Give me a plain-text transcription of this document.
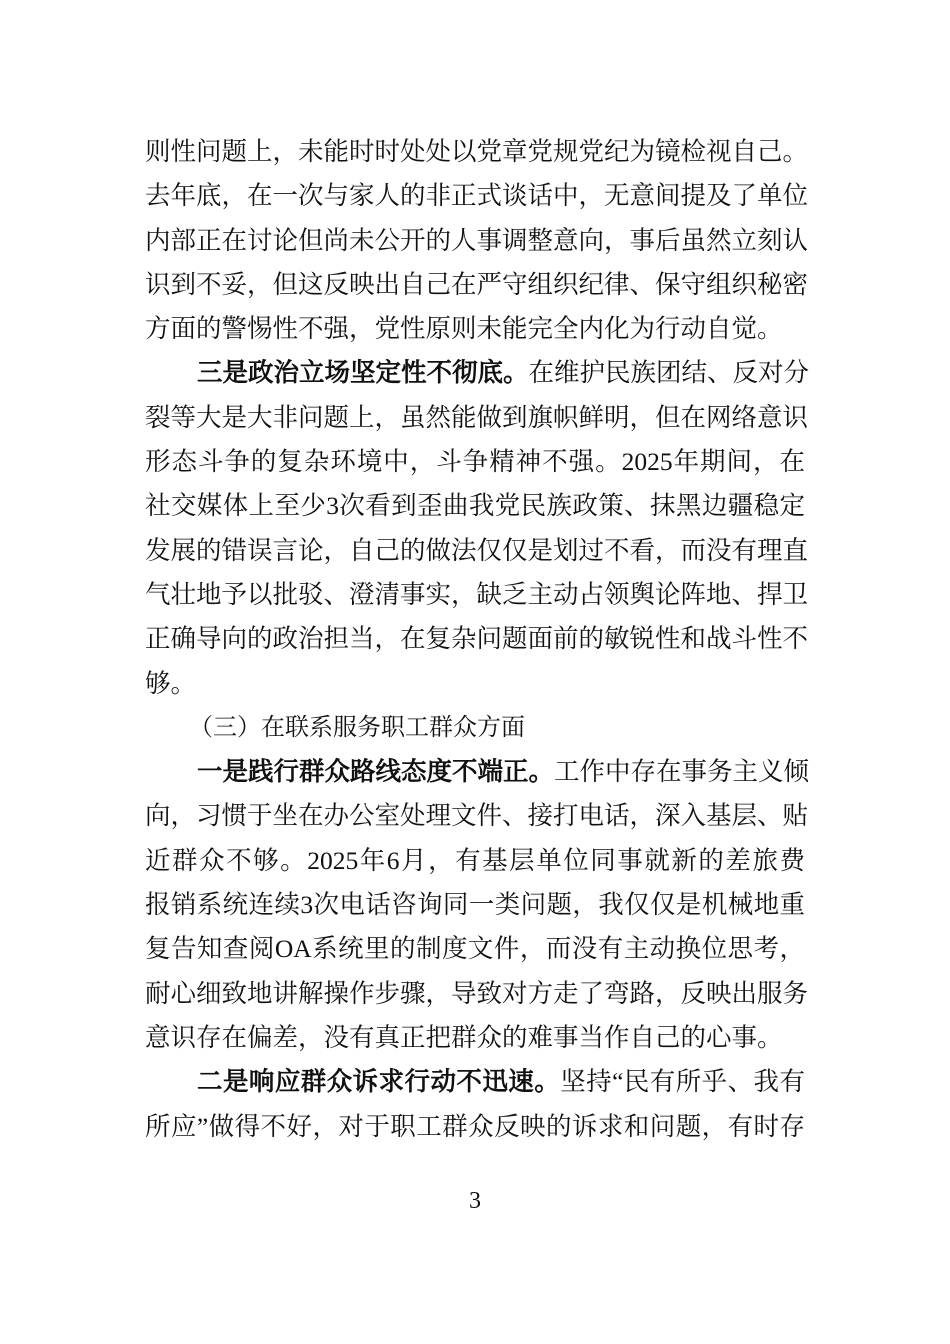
则性问题上，未能时时处处以党章党规党纪为镜检视自己。
去年底，在一次与家人的非正式谈话中，无意间提及了单位
内部正在讨论但尚未公开的人事调整意向，事后虽然立刻认
识到不妥，但这反映出自己在严守组织纪律、保守组织秘密
方面的警惕性不强，党性原则未能完全内化为行动自觉。
三是政治立场坚定性不彻底。在维护民族团结、反对分
裂等大是大非问题上，虽然能做到旗帜鲜明，但在网络意识
形态斗争的复杂环境中，斗争精神不强。2025年期间，在
社交媒体上至少3次看到歪曲我党民族政策、抹黑边疆稳定
发展的错误言论，自己的做法仅仅是划过不看，而没有理直
气壮地予以批驳、澄清事实，缺乏主动占领舆论阵地、捍卫
正确导向的政治担当，在复杂问题面前的敏锐性和战斗性不
够。
（三）在联系服务职工群众方面
一是践行群众路线态度不端正。工作中存在事务主义倾
向，习惯于坐在办公室处理文件、接打电话，深入基层、贴
近群众不够。2025年6月，有基层单位同事就新的差旅费
报销系统连续3次电话咨询同一类问题，我仅仅是机械地重
复告知查阅OA系统里的制度文件，而没有主动换位思考，
耐心细致地讲解操作步骤，导致对方走了弯路，反映出服务
意识存在偏差，没有真正把群众的难事当作自己的心事。
二是响应群众诉求行动不迅速。坚持“民有所乎、我有
所应”做得不好，对于职工群众反映的诉求和问题，有时存
3
